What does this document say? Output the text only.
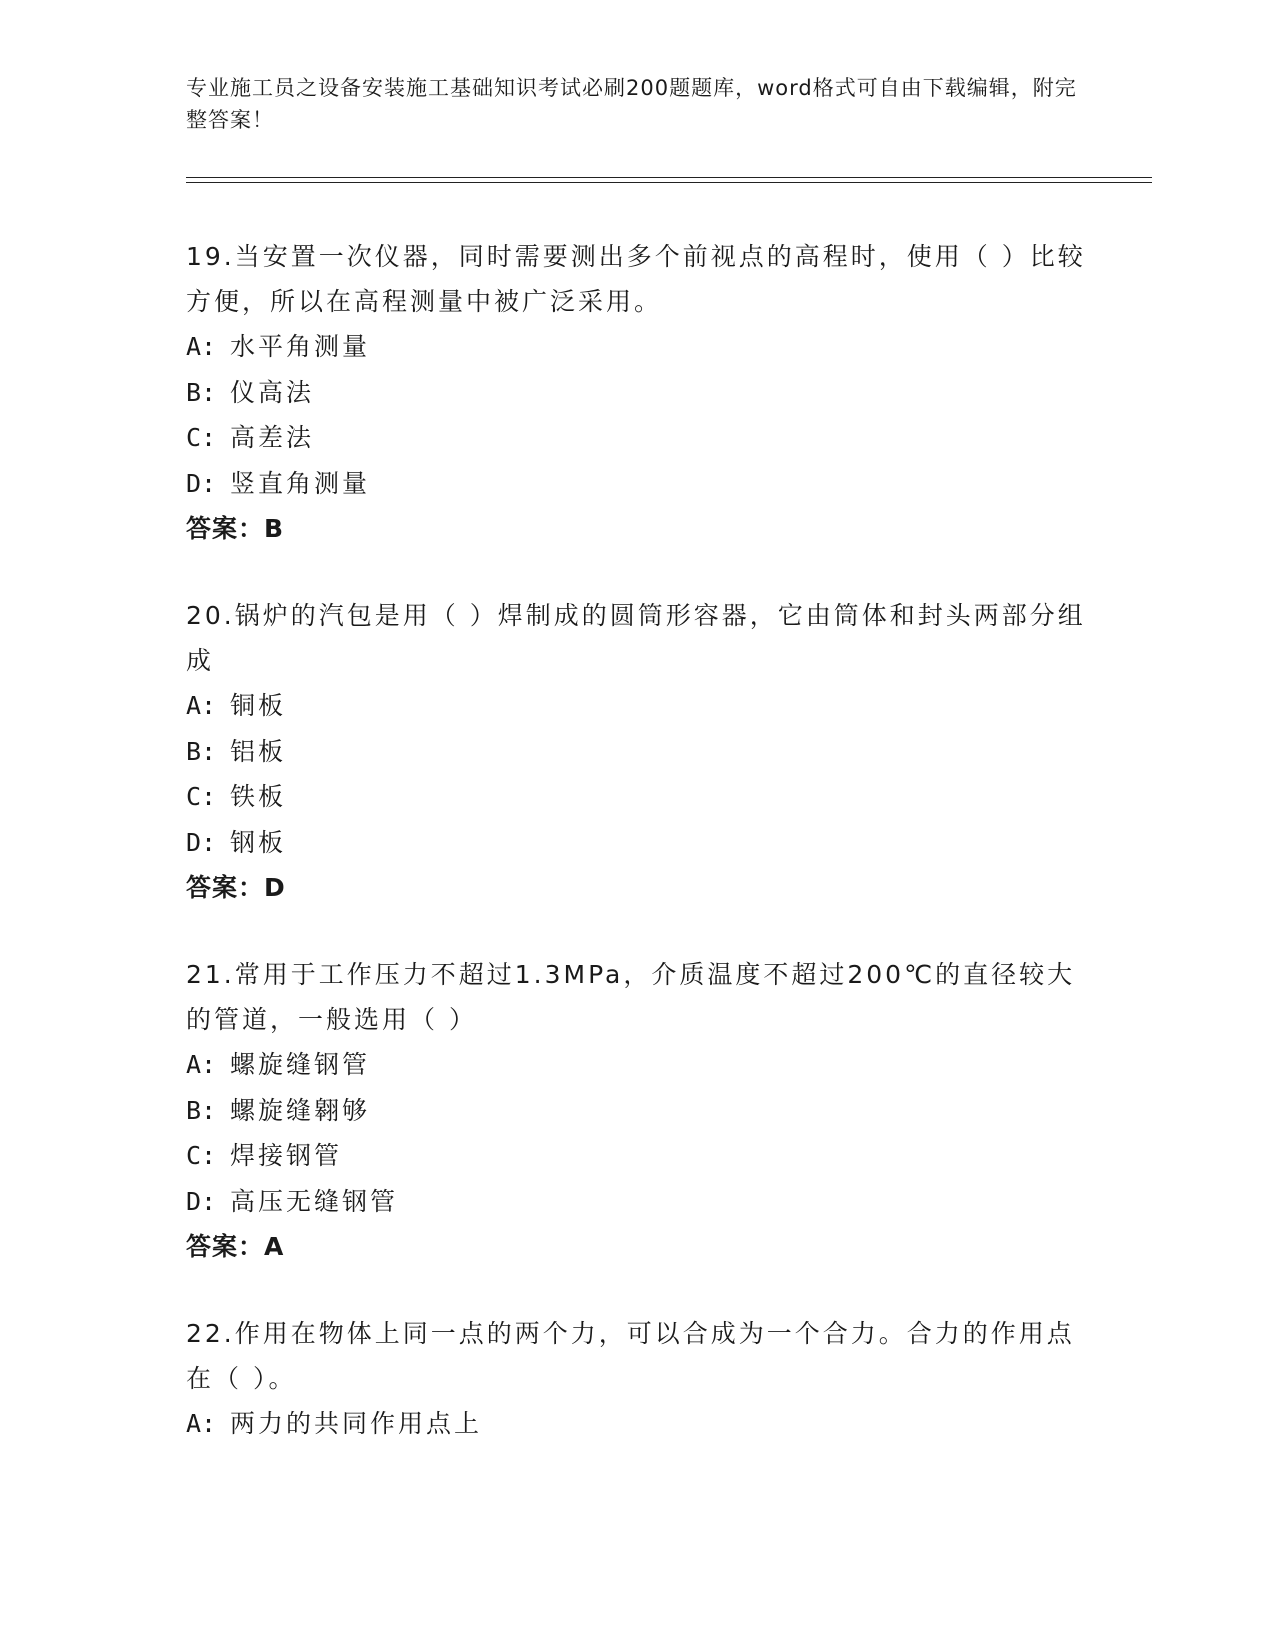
专业施工员之设备安装施工基础知识考试必刷200题题库，word格式可自由下载编辑，附完整答案！

19.当安置一次仪器，同时需要测出多个前视点的高程时，使用（ ）比较方便，所以在高程测量中被广泛采用。

A: 水平角测量

B: 仪高法

C: 高差法

D: 竖直角测量

答案：B

20.锅炉的汽包是用（ ）焊制成的圆筒形容器，它由筒体和封头两部分组成

A: 铜板

B: 铝板

C: 铁板

D: 钢板

答案：D

21.常用于工作压力不超过1.3MPa，介质温度不超过200℃的直径较大的管道，一般选用（ ）

A: 螺旋缝钢管

B: 螺旋缝翱够

C: 焊接钢管

D: 高压无缝钢管

答案：A

22.作用在物体上同一点的两个力，可以合成为一个合力。合力的作用点在（ ）。

A: 两力的共同作用点上
